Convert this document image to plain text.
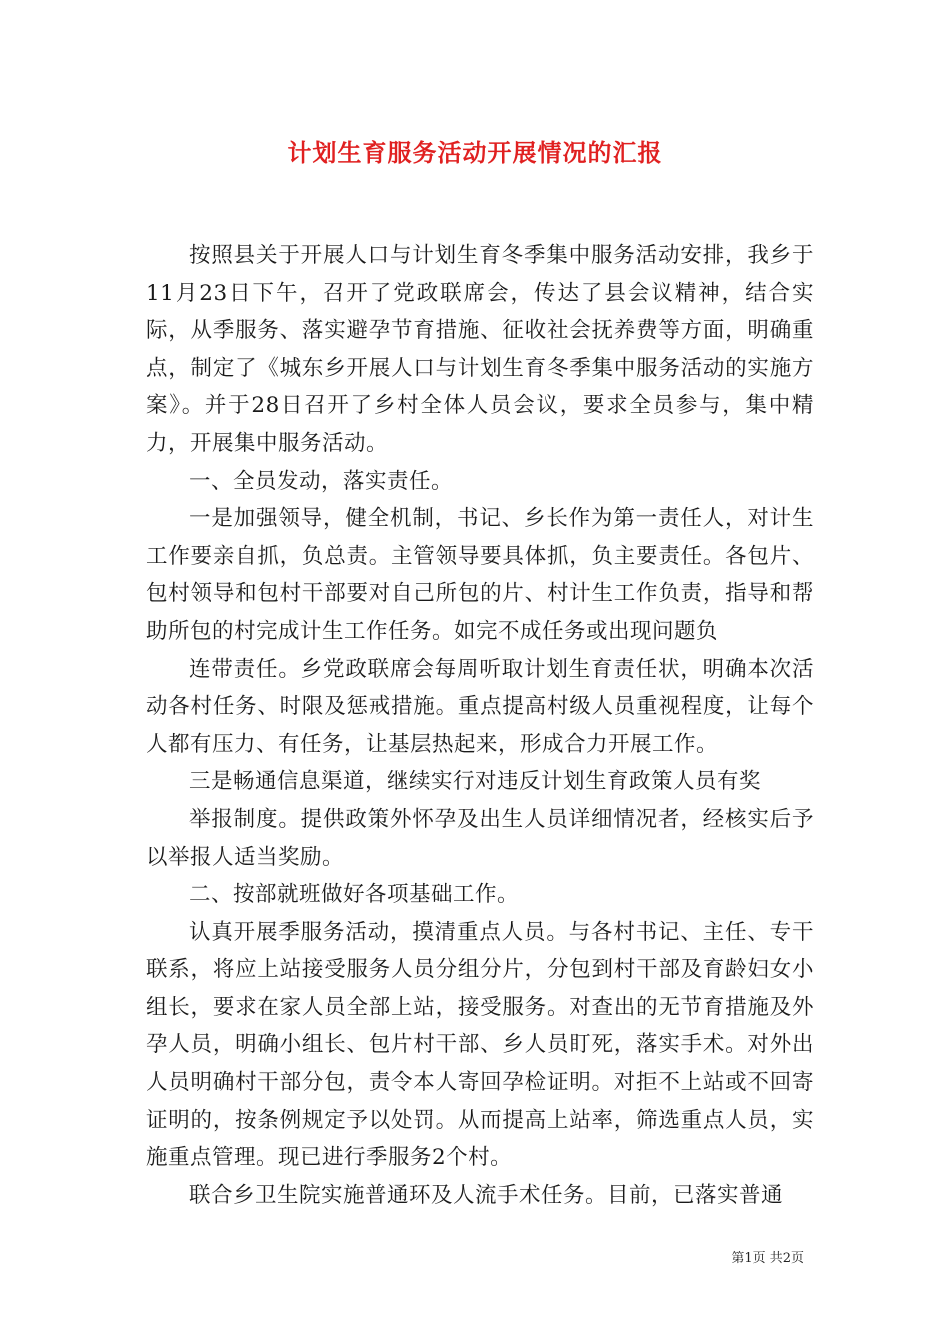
计划生育服务活动开展情况的汇报

按照县关于开展人口与计划生育冬季集中服务活动安排，我乡于11月23日下午，召开了党政联席会，传达了县会议精神，结合实际，从季服务、落实避孕节育措施、征收社会抚养费等方面，明确重点，制定了《城东乡开展人口与计划生育冬季集中服务活动的实施方案》。并于28日召开了乡村全体人员会议，要求全员参与，集中精力，开展集中服务活动。

一、全员发动，落实责任。

一是加强领导，健全机制，书记、乡长作为第一责任人，对计生工作要亲自抓，负总责。主管领导要具体抓，负主要责任。各包片、包村领导和包村干部要对自己所包的片、村计生工作负责，指导和帮助所包的村完成计生工作任务。如完不成任务或出现问题负

连带责任。乡党政联席会每周听取计划生育责任状，明确本次活动各村任务、时限及惩戒措施。重点提高村级人员重视程度，让每个人都有压力、有任务，让基层热起来，形成合力开展工作。

三是畅通信息渠道，继续实行对违反计划生育政策人员有奖

举报制度。提供政策外怀孕及出生人员详细情况者，经核实后予以举报人适当奖励。

二、按部就班做好各项基础工作。

认真开展季服务活动，摸清重点人员。与各村书记、主任、专干联系，将应上站接受服务人员分组分片，分包到村干部及育龄妇女小组长，要求在家人员全部上站，接受服务。对查出的无节育措施及外孕人员，明确小组长、包片村干部、乡人员盯死，落实手术。对外出人员明确村干部分包，责令本人寄回孕检证明。对拒不上站或不回寄证明的，按条例规定予以处罚。从而提高上站率，筛选重点人员，实施重点管理。现已进行季服务2个村。

联合乡卫生院实施普通环及人流手术任务。目前，已落实普通

第1页 共2页
